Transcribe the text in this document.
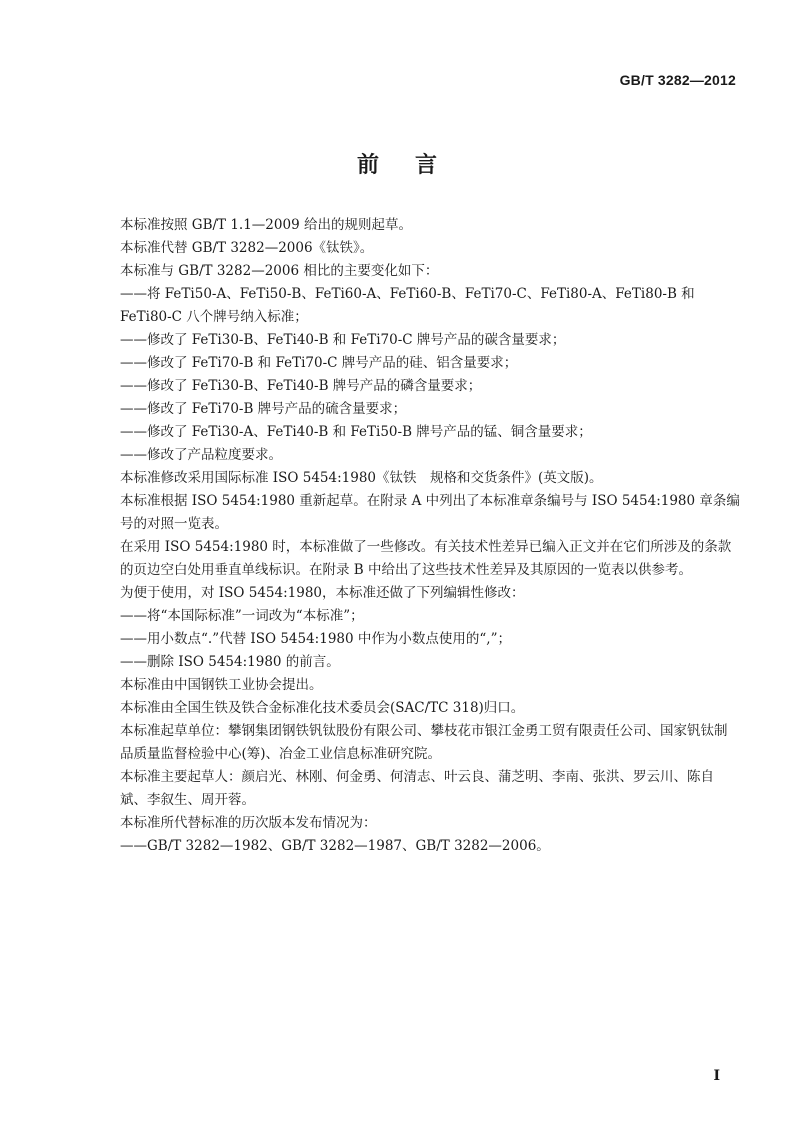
GB/T 3282—2012
前言

本标准按照 GB/T 1.1—2009 给出的规则起草。

本标准代替 GB/T 3282—2006《钛铁》。

本标准与 GB/T 3282—2006 相比的主要变化如下：

——将 FeTi50-A、FeTi50-B、FeTi60-A、FeTi60-B、FeTi70-C、FeTi80-A、FeTi80-B 和 FeTi80-C 八个牌号纳入标准；

——修改了 FeTi30-B、FeTi40-B 和 FeTi70-C 牌号产品的碳含量要求；

——修改了 FeTi70-B 和 FeTi70-C 牌号产品的硅、铝含量要求；

——修改了 FeTi30-B、FeTi40-B 牌号产品的磷含量要求；

——修改了 FeTi70-B 牌号产品的硫含量要求；

——修改了 FeTi30-A、FeTi40-B 和 FeTi50-B 牌号产品的锰、铜含量要求；

——修改了产品粒度要求。

本标准修改采用国际标准 ISO 5454:1980《钛铁　规格和交货条件》(英文版)。

本标准根据 ISO 5454:1980 重新起草。在附录 A 中列出了本标准章条编号与 ISO 5454:1980 章条编号的对照一览表。

在采用 ISO 5454:1980 时，本标准做了一些修改。有关技术性差异已编入正文并在它们所涉及的条款的页边空白处用垂直单线标识。在附录 B 中给出了这些技术性差异及其原因的一览表以供参考。

为便于使用，对 ISO 5454:1980，本标准还做了下列编辑性修改：

——将“本国际标准”一词改为“本标准”；

——用小数点“.”代替 ISO 5454:1980 中作为小数点使用的“,”；

——删除 ISO 5454:1980 的前言。

本标准由中国钢铁工业协会提出。

本标准由全国生铁及铁合金标准化技术委员会(SAC/TC 318)归口。

本标准起草单位：攀钢集团钢铁钒钛股份有限公司、攀枝花市银江金勇工贸有限责任公司、国家钒钛制品质量监督检验中心(筹)、冶金工业信息标准研究院。

本标准主要起草人：颜启光、林刚、何金勇、何清志、叶云良、蒲芝明、李南、张洪、罗云川、陈自斌、李叙生、周开蓉。

本标准所代替标准的历次版本发布情况为：

——GB/T 3282—1982、GB/T 3282—1987、GB/T 3282—2006。

I
